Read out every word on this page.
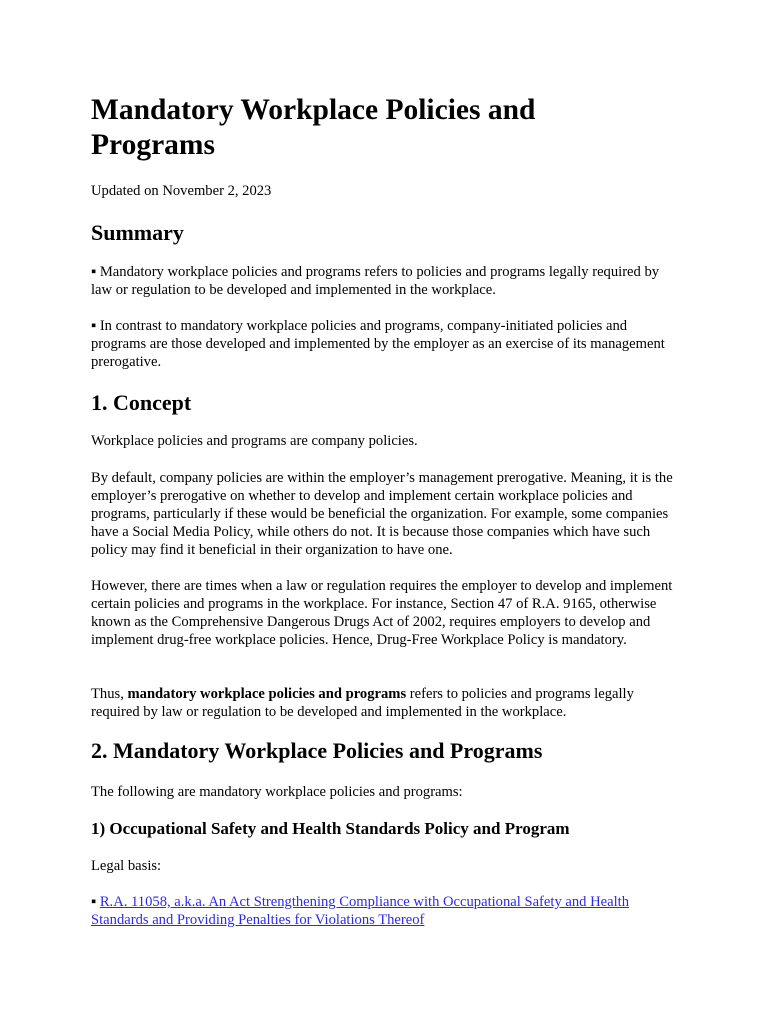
Mandatory Workplace Policies and Programs
Updated on November 2, 2023
Summary
▪ Mandatory workplace policies and programs refers to policies and programs legally required by law or regulation to be developed and implemented in the workplace.
▪ In contrast to mandatory workplace policies and programs, company-initiated policies and programs are those developed and implemented by the employer as an exercise of its management prerogative.
1. Concept
Workplace policies and programs are company policies.
By default, company policies are within the employer’s management prerogative. Meaning, it is the employer’s prerogative on whether to develop and implement certain workplace policies and programs, particularly if these would be beneficial the organization. For example, some companies have a Social Media Policy, while others do not. It is because those companies which have such policy may find it beneficial in their organization to have one.
However, there are times when a law or regulation requires the employer to develop and implement certain policies and programs in the workplace. For instance, Section 47 of R.A. 9165, otherwise known as the Comprehensive Dangerous Drugs Act of 2002, requires employers to develop and implement drug-free workplace policies. Hence, Drug-Free Workplace Policy is mandatory.
Thus, mandatory workplace policies and programs refers to policies and programs legally required by law or regulation to be developed and implemented in the workplace.
2. Mandatory Workplace Policies and Programs
The following are mandatory workplace policies and programs:
1) Occupational Safety and Health Standards Policy and Program
Legal basis:
▪ R.A. 11058, a.k.a. An Act Strengthening Compliance with Occupational Safety and Health Standards and Providing Penalties for Violations Thereof
